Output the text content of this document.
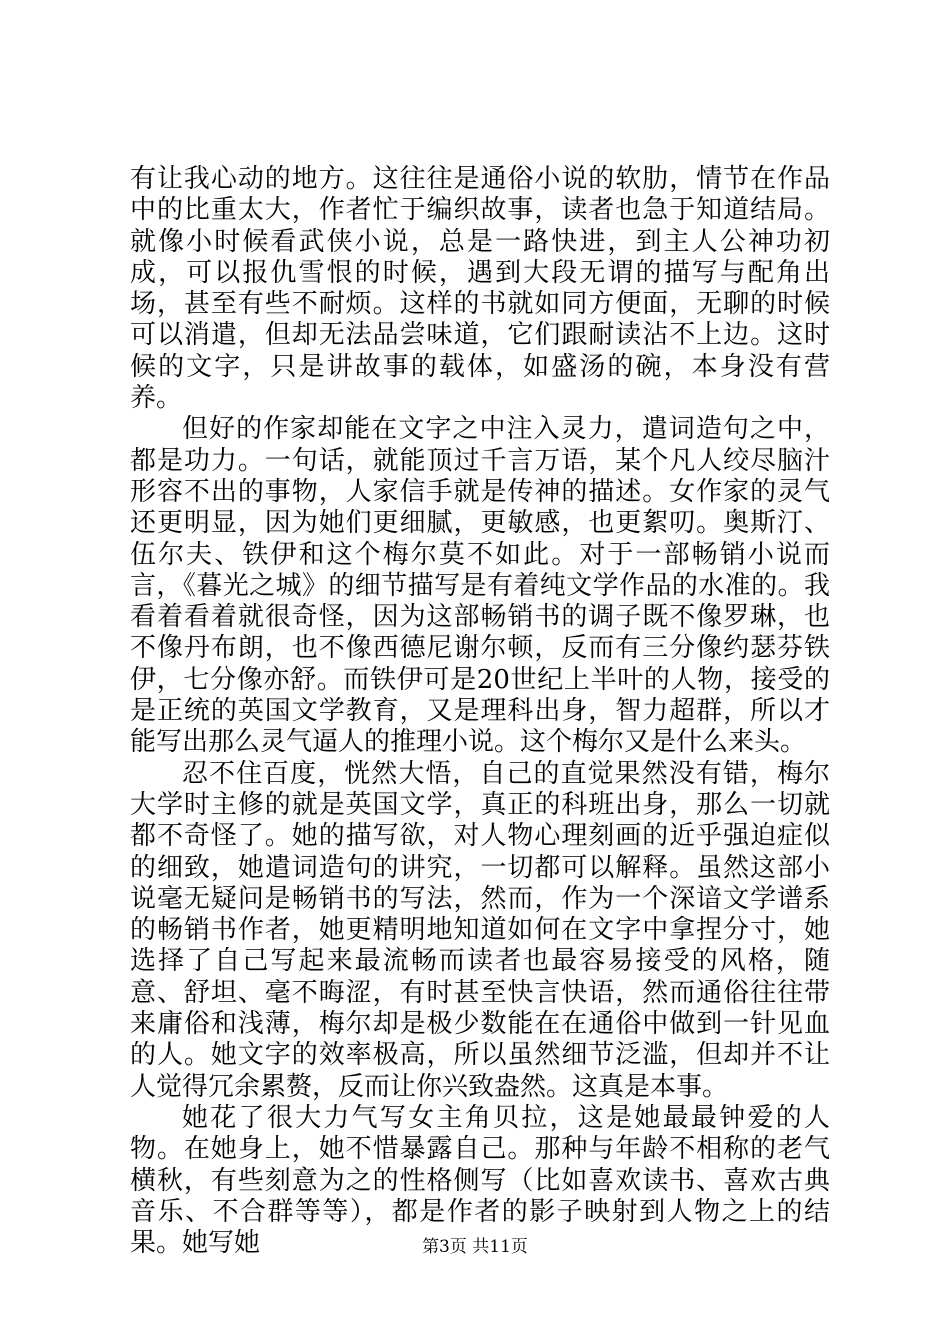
有让我心动的地方。这往往是通俗小说的软肋，情节在作品中的比重太大，作者忙于编织故事，读者也急于知道结局。就像小时候看武侠小说，总是一路快进，到主人公神功初成，可以报仇雪恨的时候，遇到大段无谓的描写与配角出场，甚至有些不耐烦。这样的书就如同方便面，无聊的时候可以消遣，但却无法品尝味道，它们跟耐读沾不上边。这时候的文字，只是讲故事的载体，如盛汤的碗，本身没有营养。

但好的作家却能在文字之中注入灵力，遣词造句之中，都是功力。一句话，就能顶过千言万语，某个凡人绞尽脑汁形容不出的事物，人家信手就是传神的描述。女作家的灵气还更明显，因为她们更细腻，更敏感，也更絮叨。奥斯汀、伍尔夫、铁伊和这个梅尔莫不如此。对于一部畅销小说而言，《暮光之城》的细节描写是有着纯文学作品的水准的。我看着看着就很奇怪，因为这部畅销书的调子既不像罗琳，也不像丹布朗，也不像西德尼谢尔顿，反而有三分像约瑟芬铁伊，七分像亦舒。而铁伊可是20世纪上半叶的人物，接受的是正统的英国文学教育，又是理科出身，智力超群，所以才能写出那么灵气逼人的推理小说。这个梅尔又是什么来头。

忍不住百度，恍然大悟，自己的直觉果然没有错，梅尔大学时主修的就是英国文学，真正的科班出身，那么一切就都不奇怪了。她的描写欲，对人物心理刻画的近乎强迫症似的细致，她遣词造句的讲究，一切都可以解释。虽然这部小说毫无疑问是畅销书的写法，然而，作为一个深谙文学谱系的畅销书作者，她更精明地知道如何在文字中拿捏分寸，她选择了自己写起来最流畅而读者也最容易接受的风格，随意、舒坦、毫不晦涩，有时甚至快言快语，然而通俗往往带来庸俗和浅薄，梅尔却是极少数能在在通俗中做到一针见血的人。她文字的效率极高，所以虽然细节泛滥，但却并不让人觉得冗余累赘，反而让你兴致盎然。这真是本事。

她花了很大力气写女主角贝拉，这是她最最钟爱的人物。在她身上，她不惜暴露自己。那种与年龄不相称的老气横秋，有些刻意为之的性格侧写（比如喜欢读书、喜欢古典音乐、不合群等等），都是作者的影子映射到人物之上的结果。她写她	第3页 共11页
